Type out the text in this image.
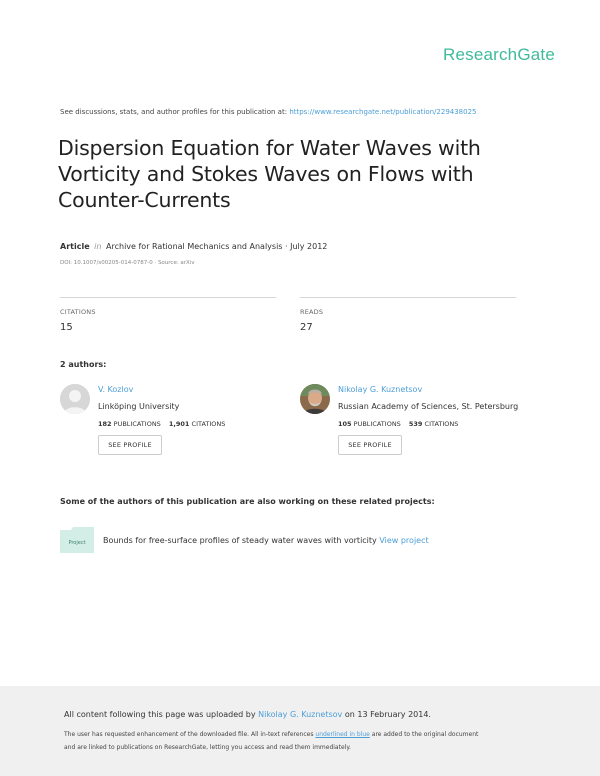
ResearchGate
See discussions, stats, and author profiles for this publication at: https://www.researchgate.net/publication/229438025
Dispersion Equation for Water Waves with Vorticity and Stokes Waves on Flows with Counter-Currents
Article in Archive for Rational Mechanics and Analysis · July 2012
DOI: 10.1007/s00205-014-0787-0 · Source: arXiv
CITATIONS
15
READS
27
2 authors:
V. Kozlov
Linköping University
182 PUBLICATIONS 1,901 CITATIONS
SEE PROFILE
Nikolay G. Kuznetsov
Russian Academy of Sciences, St. Petersburg
105 PUBLICATIONS 539 CITATIONS
SEE PROFILE
Some of the authors of this publication are also working on these related projects:
Project Bounds for free-surface profiles of steady water waves with vorticity View project
All content following this page was uploaded by Nikolay G. Kuznetsov on 13 February 2014.
The user has requested enhancement of the downloaded file. All in-text references underlined in blue are added to the original document
and are linked to publications on ResearchGate, letting you access and read them immediately.
